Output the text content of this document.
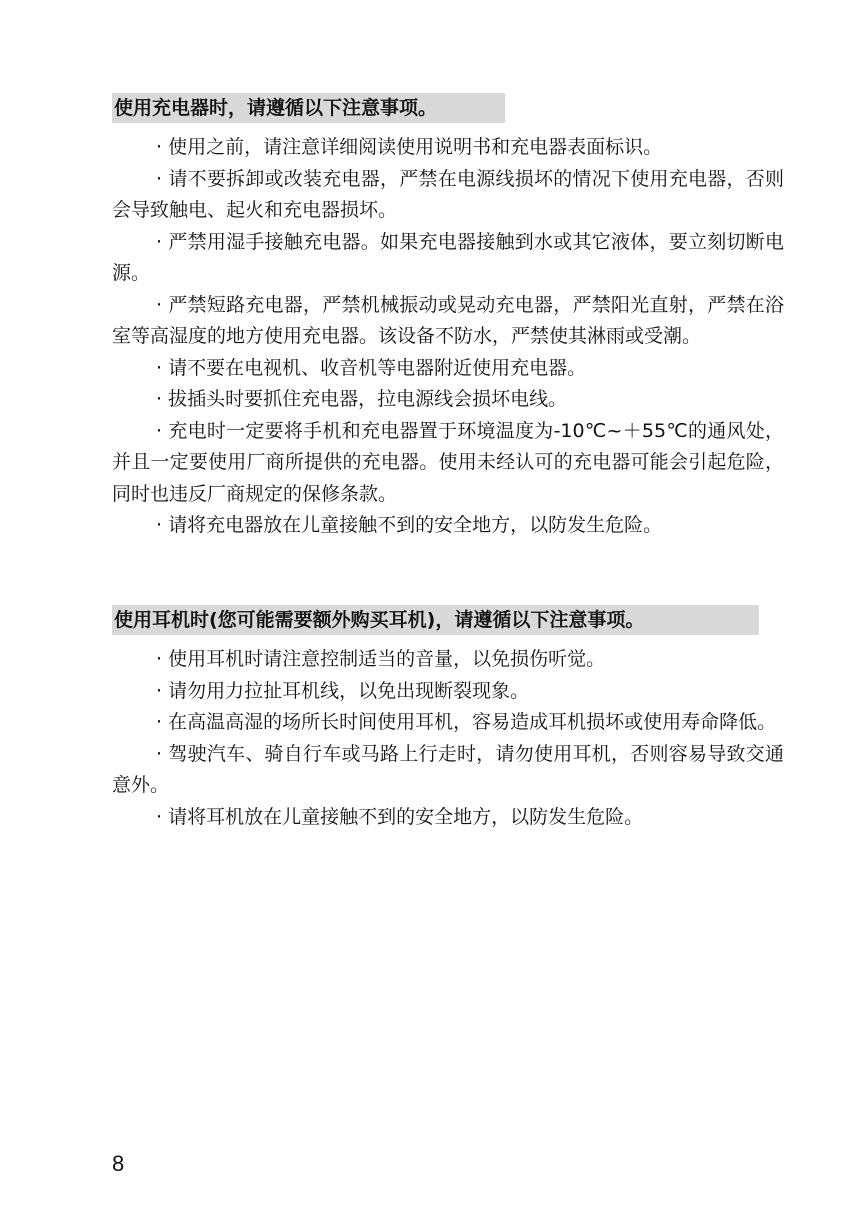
使用充电器时，请遵循以下注意事项。

· 使用之前，请注意详细阅读使用说明书和充电器表面标识。

· 请不要拆卸或改装充电器，严禁在电源线损坏的情况下使用充电器，否则会导致触电、起火和充电器损坏。

· 严禁用湿手接触充电器。如果充电器接触到水或其它液体，要立刻切断电源。

· 严禁短路充电器，严禁机械振动或晃动充电器，严禁阳光直射，严禁在浴室等高湿度的地方使用充电器。该设备不防水，严禁使其淋雨或受潮。

· 请不要在电视机、收音机等电器附近使用充电器。

· 拔插头时要抓住充电器，拉电源线会损坏电线。

· 充电时一定要将手机和充电器置于环境温度为-10℃~＋55℃的通风处，并且一定要使用厂商所提供的充电器。使用未经认可的充电器可能会引起危险，同时也违反厂商规定的保修条款。

· 请将充电器放在儿童接触不到的安全地方，以防发生危险。

使用耳机时(您可能需要额外购买耳机)，请遵循以下注意事项。

· 使用耳机时请注意控制适当的音量，以免损伤听觉。

· 请勿用力拉扯耳机线，以免出现断裂现象。

· 在高温高湿的场所长时间使用耳机，容易造成耳机损坏或使用寿命降低。

· 驾驶汽车、骑自行车或马路上行走时，请勿使用耳机，否则容易导致交通意外。

· 请将耳机放在儿童接触不到的安全地方，以防发生危险。

8
